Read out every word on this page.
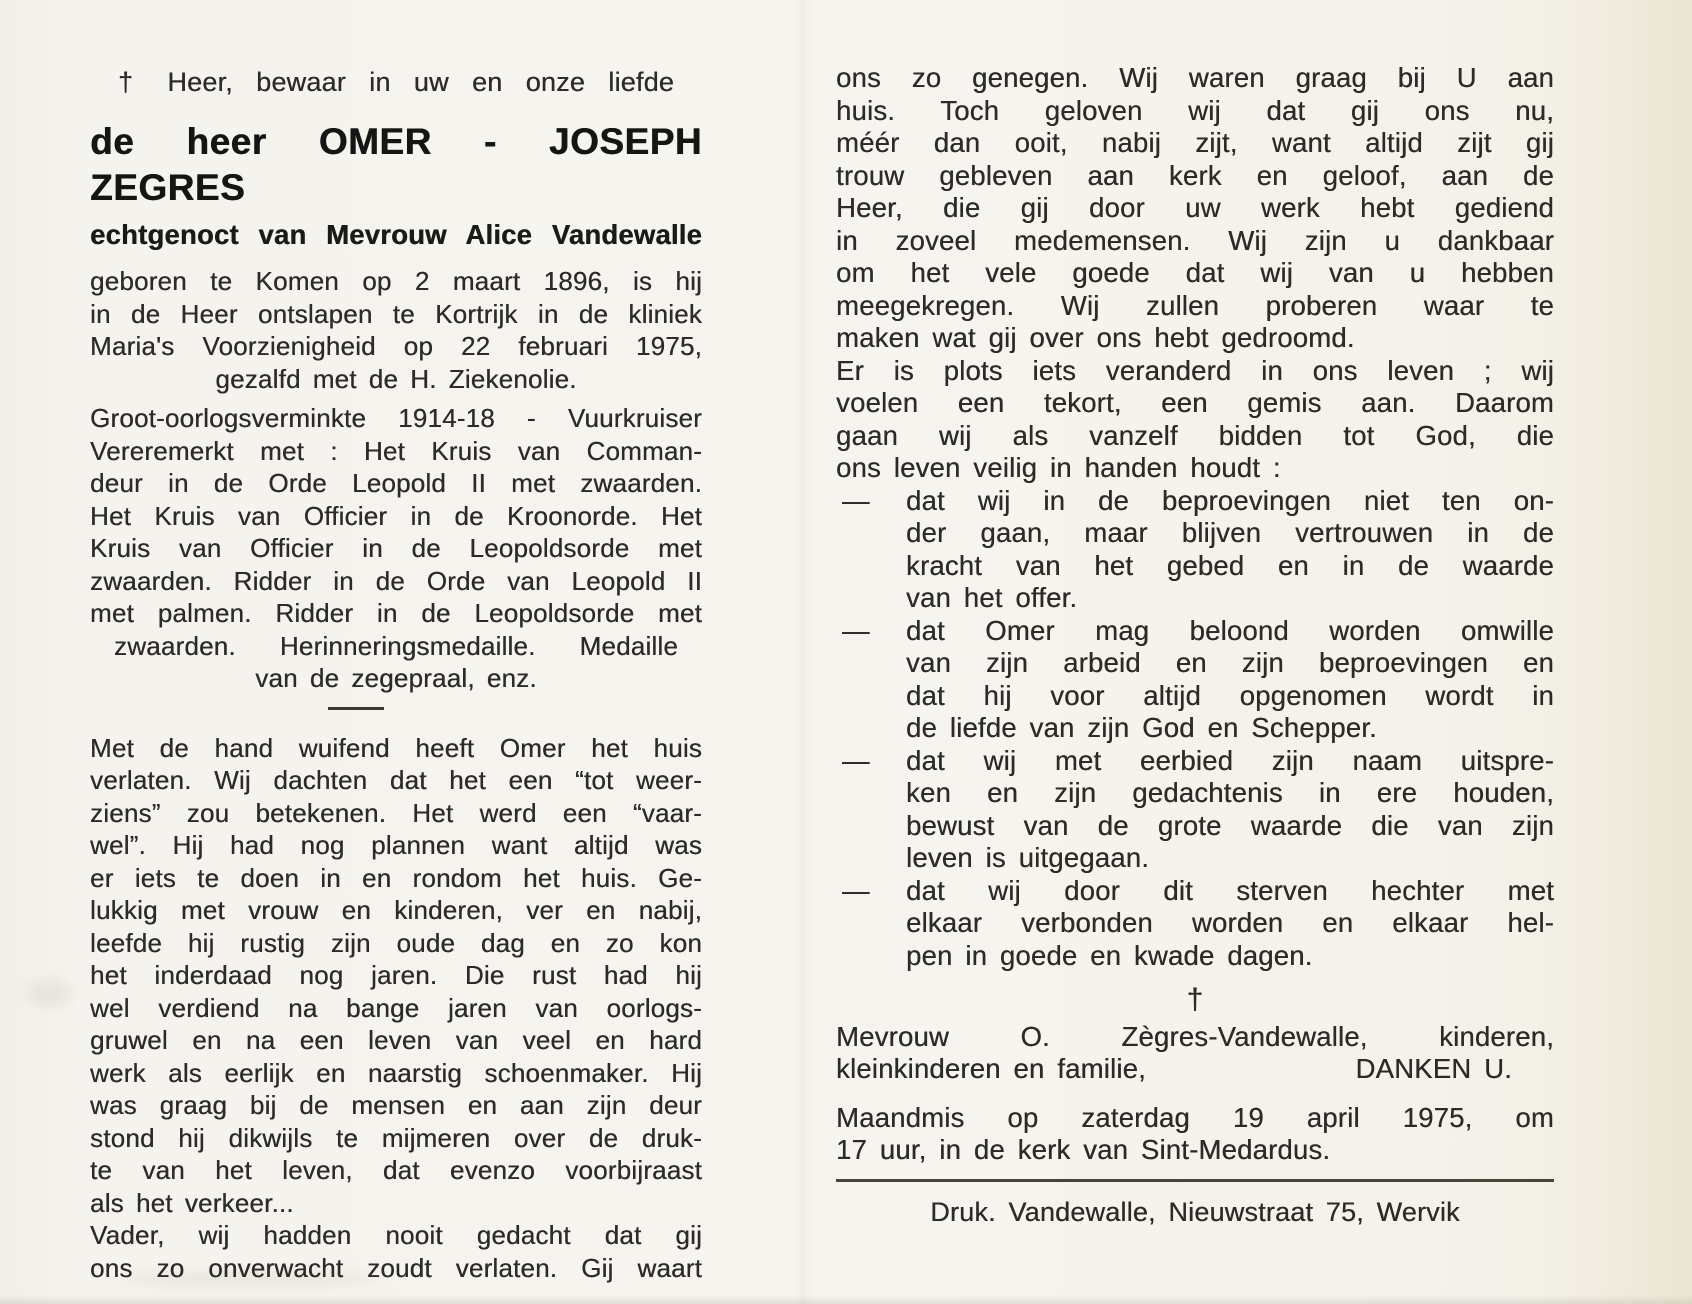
† Heer, bewaar in uw en onze liefde
de heer OMER - JOSEPH ZEGRES
echtgenoct van Mevrouw Alice Vandewalle
geboren te Komen op 2 maart 1896, is hij
in de Heer ontslapen te Kortrijk in de kliniek
Maria's Voorzienigheid op 22 februari 1975,
gezalfd met de H. Ziekenolie.
Groot-oorlogsverminkte 1914-18 - Vuurkruiser
Vereremerkt met : Het Kruis van Comman-
deur in de Orde Leopold II met zwaarden.
Het Kruis van Officier in de Kroonorde. Het
Kruis van Officier in de Leopoldsorde met
zwaarden. Ridder in de Orde van Leopold II
met palmen. Ridder in de Leopoldsorde met
zwaarden. Herinneringsmedaille. Medaille
van de zegepraal, enz.
Met de hand wuifend heeft Omer het huis
verlaten. Wij dachten dat het een “tot weer-
ziens” zou betekenen. Het werd een “vaar-
wel”. Hij had nog plannen want altijd was
er iets te doen in en rondom het huis. Ge-
lukkig met vrouw en kinderen, ver en nabij,
leefde hij rustig zijn oude dag en zo kon
het inderdaad nog jaren. Die rust had hij
wel verdiend na bange jaren van oorlogs-
gruwel en na een leven van veel en hard
werk als eerlijk en naarstig schoenmaker. Hij
was graag bij de mensen en aan zijn deur
stond hij dikwijls te mijmeren over de druk-
te van het leven, dat evenzo voorbijraast
als het verkeer...
Vader, wij hadden nooit gedacht dat gij
ons zo onverwacht zoudt verlaten. Gij waart
ons zo genegen. Wij waren graag bij U aan
huis. Toch geloven wij dat gij ons nu,
méér dan ooit, nabij zijt, want altijd zijt gij
trouw gebleven aan kerk en geloof, aan de
Heer, die gij door uw werk hebt gediend
in zoveel medemensen. Wij zijn u dankbaar
om het vele goede dat wij van u hebben
meegekregen. Wij zullen proberen waar te
maken wat gij over ons hebt gedroomd.
Er is plots iets veranderd in ons leven ; wij
voelen een tekort, een gemis aan. Daarom
gaan wij als vanzelf bidden tot God, die
ons leven veilig in handen houdt :
— dat wij in de beproevingen niet ten on-
der gaan, maar blijven vertrouwen in de
kracht van het gebed en in de waarde
van het offer.
— dat Omer mag beloond worden omwille
van zijn arbeid en zijn beproevingen en
dat hij voor altijd opgenomen wordt in
de liefde van zijn God en Schepper.
— dat wij met eerbied zijn naam uitspre-
ken en zijn gedachtenis in ere houden,
bewust van de grote waarde die van zijn
leven is uitgegaan.
— dat wij door dit sterven hechter met
elkaar verbonden worden en elkaar hel-
pen in goede en kwade dagen.
†
Mevrouw O. Zègres-Vandewalle, kinderen,
kleinkinderen en familie,	DANKEN U.
Maandmis op zaterdag 19 april 1975, om
17 uur, in de kerk van Sint-Medardus.
Druk. Vandewalle, Nieuwstraat 75, Wervik
